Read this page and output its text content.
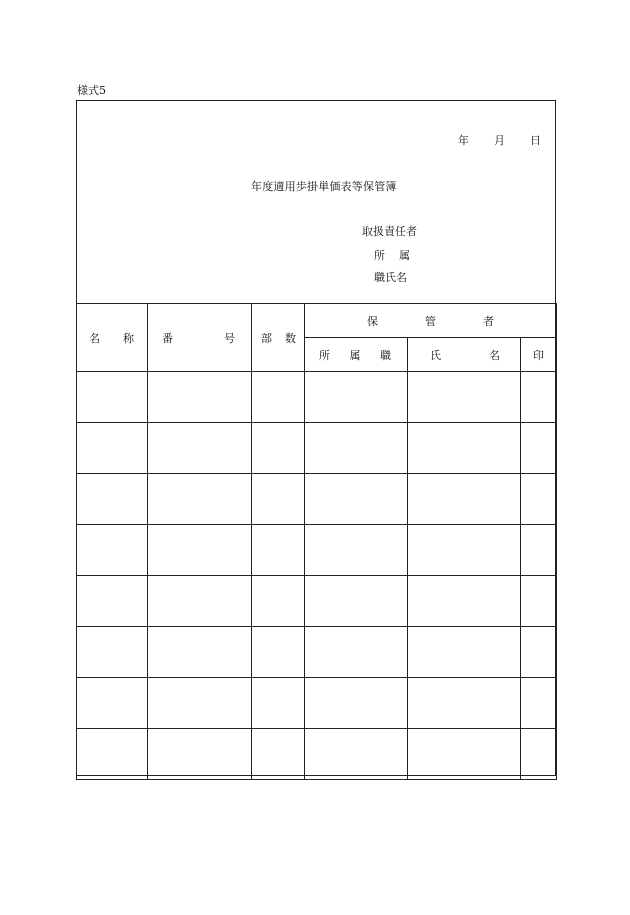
様式5
年 月 日
年度適用歩掛単価表等保管簿
取扱責任者
所 属
職氏名
名 称	番 号	部 数	保 管 者		

			所 属 職	氏 名	印
